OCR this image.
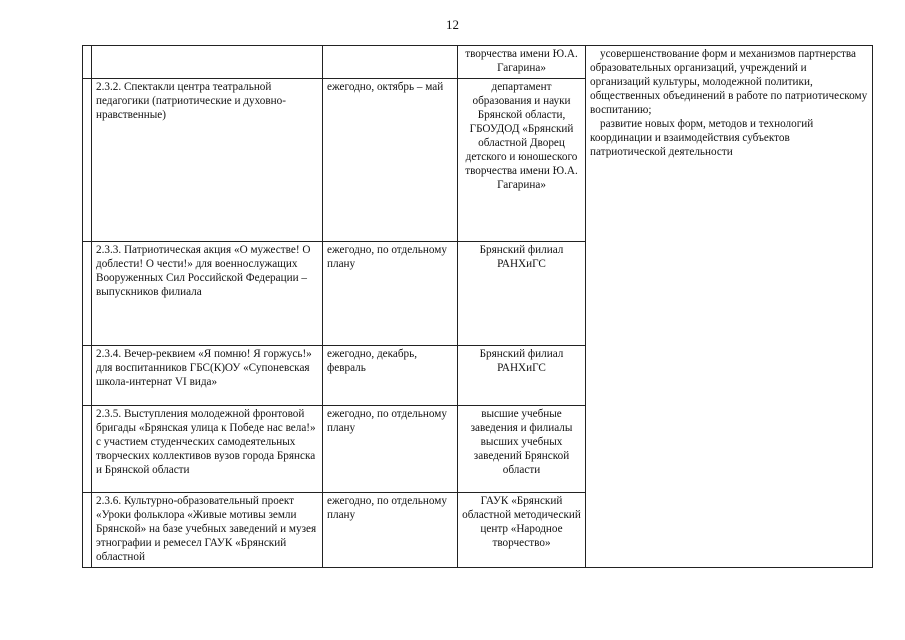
12
			творчества имени Ю.А. Гагарина»	усовершенствование форм и механизмов партнерства образовательных организаций, учреждений и организаций культуры, молодежной политики, общественных объединений в работе по патриотическому воспитанию;
развитие новых форм, методов и технологий координации и взаимодействия субъектов патриотической деятельности

	2.3.2. Спектакли центра театральной педагогики (патриотические и духовно-нравственные)	ежегодно, октябрь – май	департамент образования и науки Брянской области, ГБОУДОД «Брянский областной Дворец детского и юношеского творчества имени Ю.А. Гагарина»	
	2.3.3. Патриотическая акция «О мужестве! О доблести! О чести!» для военнослужащих Вооруженных Сил Российской Федерации – выпускников филиала	ежегодно, по отдельному плану	Брянский филиал РАНХиГС	
	2.3.4. Вечер-реквием «Я помню! Я горжусь!» для воспитанников ГБС(К)ОУ «Супоневская школа-интернат VI вида»	ежегодно, декабрь, февраль	Брянский филиал РАНХиГС	
	2.3.5. Выступления молодежной фронтовой бригады «Брянская улица к Победе нас вела!» с участием студенческих самодеятельных творческих коллективов вузов города Брянска и Брянской области	ежегодно, по отдельному плану	высшие учебные заведения и филиалы высших учебных заведений Брянской области	
	2.3.6. Культурно-образовательный проект «Уроки фольклора «Живые мотивы земли Брянской» на базе учебных заведений и музея этнографии и ремесел ГАУК «Брянский областной	ежегодно, по отдельному плану	ГАУК «Брянский областной методический центр «Народное творчество»	
